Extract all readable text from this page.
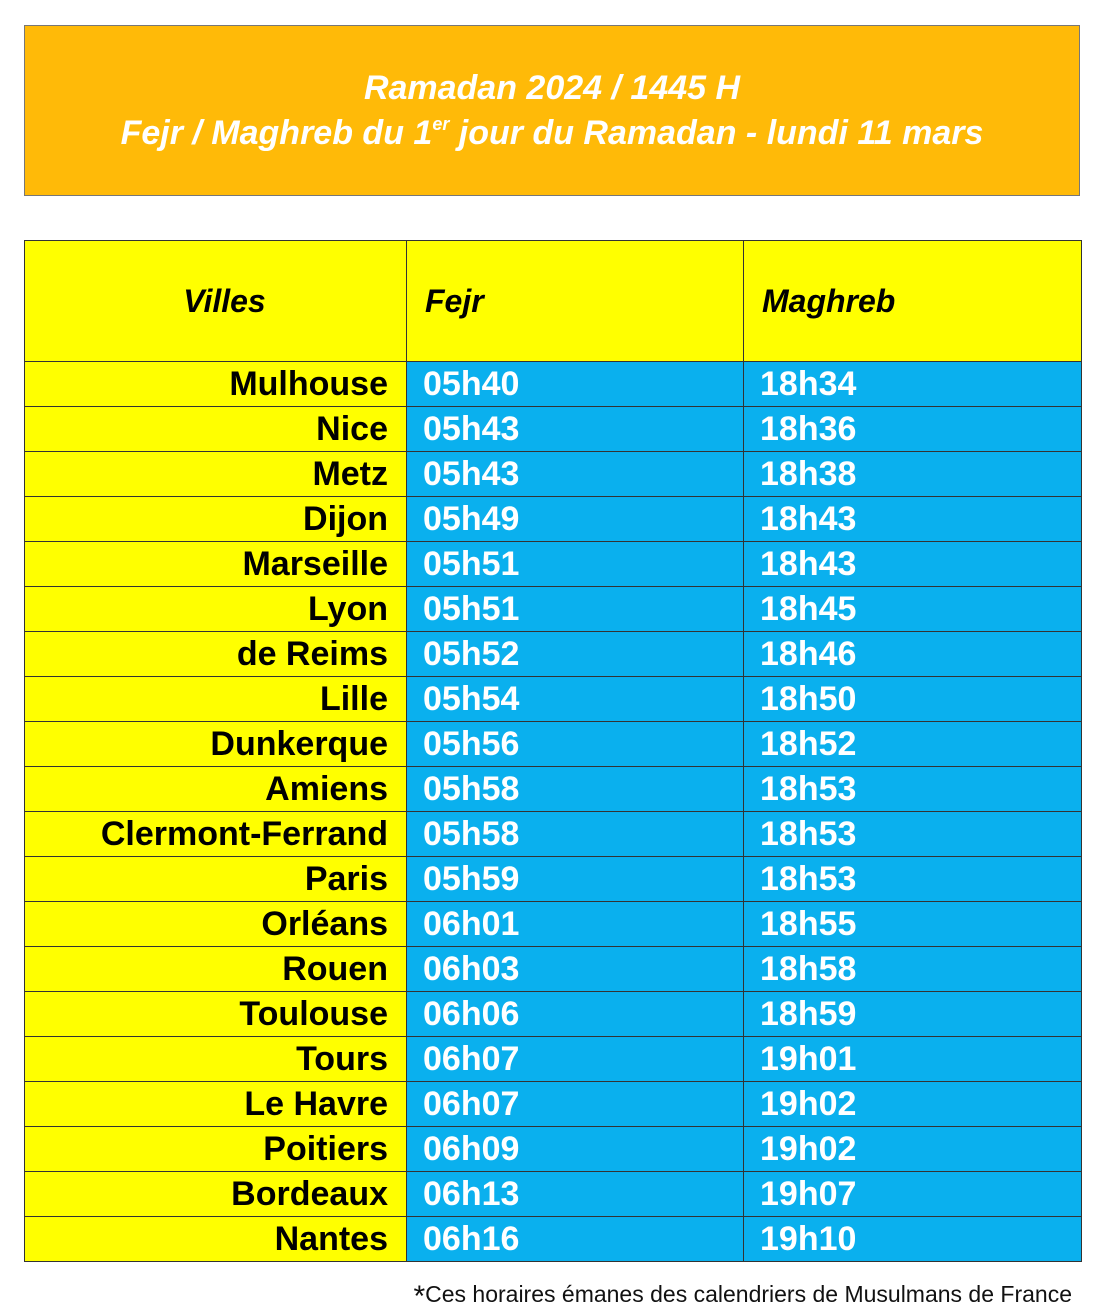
Ramadan 2024 / 1445 H
Fejr / Maghreb du 1er jour du Ramadan - lundi 11 mars
Villes	Fejr	Maghreb
Mulhouse	05h40	18h34
Nice	05h43	18h36
Metz	05h43	18h38
Dijon	05h49	18h43
Marseille	05h51	18h43
Lyon	05h51	18h45
de Reims	05h52	18h46
Lille	05h54	18h50
Dunkerque	05h56	18h52
Amiens	05h58	18h53
Clermont-Ferrand	05h58	18h53
Paris	05h59	18h53
Orléans	06h01	18h55
Rouen	06h03	18h58
Toulouse	06h06	18h59
Tours	06h07	19h01
Le Havre	06h07	19h02
Poitiers	06h09	19h02
Bordeaux	06h13	19h07
Nantes	06h16	19h10
*Ces horaires émanes des calendriers de Musulmans de France
